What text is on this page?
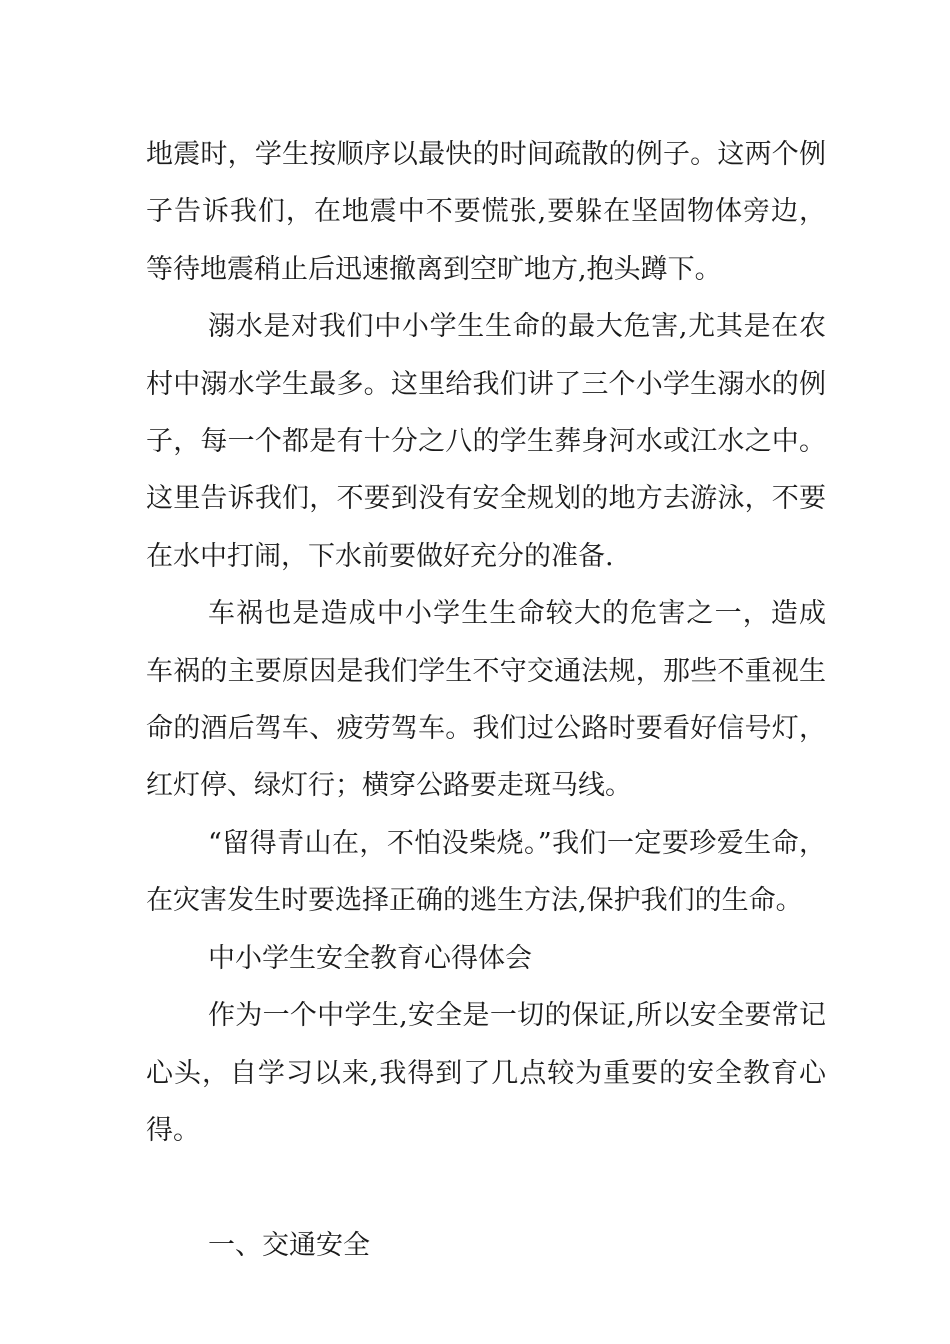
地震时，学生按顺序以最快的时间疏散的例子。这两个例子告诉我们，在地震中不要慌张,要躲在坚固物体旁边，等待地震稍止后迅速撤离到空旷地方,抱头蹲下。

溺水是对我们中小学生生命的最大危害,尤其是在农村中溺水学生最多。这里给我们讲了三个小学生溺水的例子，每一个都是有十分之八的学生葬身河水或江水之中。这里告诉我们，不要到没有安全规划的地方去游泳，不要在水中打闹，下水前要做好充分的准备.

车祸也是造成中小学生生命较大的危害之一，造成车祸的主要原因是我们学生不守交通法规，那些不重视生命的酒后驾车、疲劳驾车。我们过公路时要看好信号灯，红灯停、绿灯行；横穿公路要走斑马线。

“留得青山在，不怕没柴烧。”我们一定要珍爱生命，在灾害发生时要选择正确的逃生方法,保护我们的生命。

中小学生安全教育心得体会

作为一个中学生,安全是一切的保证,所以安全要常记心头，自学习以来,我得到了几点较为重要的安全教育心得。

一、交通安全
